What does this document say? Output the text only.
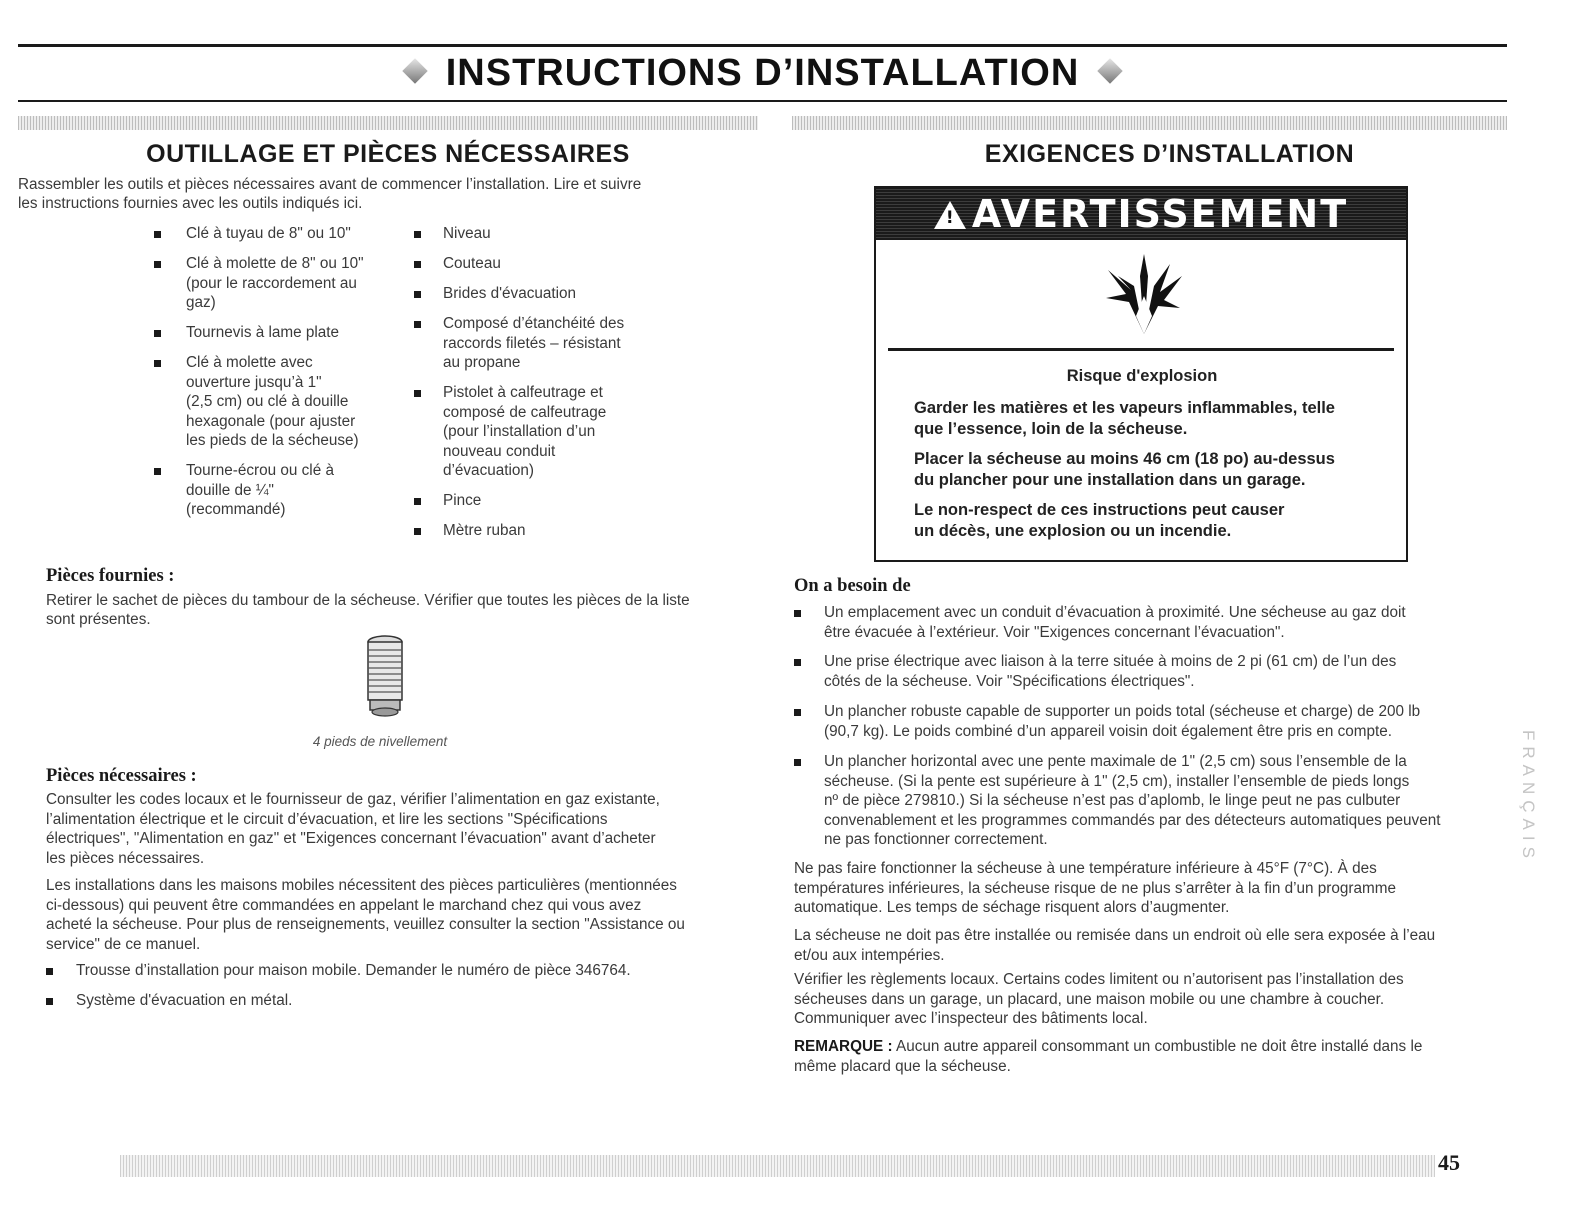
INSTRUCTIONS D’INSTALLATION
OUTILLAGE ET PIÈCES NÉCESSAIRES

Rassembler les outils et pièces nécessaires avant de commencer l’installation. Lire et suivre

les instructions fournies avec les outils indiqués ici.

Clé à tuyau de 8" ou 10"

Clé à molette de 8" ou 10"

(pour le raccordement au

gaz)

Tournevis à lame plate

Clé à molette avec

ouverture jusqu’à 1"

(2,5 cm) ou clé à douille

hexagonale (pour ajuster

les pieds de la sécheuse)

Tourne-écrou ou clé à

douille de ¼"

(recommandé)

Niveau

Couteau

Brides d'évacuation

Composé d’étanchéité des

raccords filetés – résistant

au propane

Pistolet à calfeutrage et

composé de calfeutrage

(pour l’installation d’un

nouveau conduit

d’évacuation)

Pince

Mètre ruban

Pièces fournies :

Retirer le sachet de pièces du tambour de la sécheuse. Vérifier que toutes les pièces de la liste

sont présentes.

4 pieds de nivellement

Pièces nécessaires :

Consulter les codes locaux et le fournisseur de gaz, vérifier l’alimentation en gaz existante,

l’alimentation électrique et le circuit d’évacuation, et lire les sections "Spécifications

électriques", "Alimentation en gaz" et "Exigences concernant l’évacuation" avant d’acheter

les pièces nécessaires.

Les installations dans les maisons mobiles nécessitent des pièces particulières (mentionnées

ci-dessous) qui peuvent être commandées en appelant le marchand chez qui vous avez

acheté la sécheuse. Pour plus de renseignements, veuillez consulter la section "Assistance ou

service" de ce manuel.

Trousse d’installation pour maison mobile. Demander le numéro de pièce 346764.

Système d'évacuation en métal.

EXIGENCES D’INSTALLATION
!AVERTISSEMENT

Risque d'explosion

Garder les matières et les vapeurs inflammables, telle

que l’essence, loin de la sécheuse.

Placer la sécheuse au moins 46 cm (18 po) au-dessus

du plancher pour une installation dans un garage.

Le non-respect de ces instructions peut causer

un décès, une explosion ou un incendie.

On a besoin de

Un emplacement avec un conduit d’évacuation à proximité. Une sécheuse au gaz doit

être évacuée à l’extérieur. Voir "Exigences concernant l’évacuation".

Une prise électrique avec liaison à la terre située à moins de 2 pi (61 cm) de l’un des

côtés de la sécheuse. Voir "Spécifications électriques".

Un plancher robuste capable de supporter un poids total (sécheuse et charge) de 200 lb

(90,7 kg). Le poids combiné d’un appareil voisin doit également être pris en compte.

Un plancher horizontal avec une pente maximale de 1" (2,5 cm) sous l’ensemble de la

sécheuse. (Si la pente est supérieure à 1" (2,5 cm), installer l’ensemble de pieds longs

nº de pièce 279810.) Si la sécheuse n’est pas d’aplomb, le linge peut ne pas culbuter

convenablement et les programmes commandés par des détecteurs automatiques peuvent

ne pas fonctionner correctement.

Ne pas faire fonctionner la sécheuse à une température inférieure à 45°F (7°C). À des

températures inférieures, la sécheuse risque de ne plus s’arrêter à la fin d’un programme

automatique. Les temps de séchage risquent alors d’augmenter.

La sécheuse ne doit pas être installée ou remisée dans un endroit où elle sera exposée à l’eau

et/ou aux intempéries.

Vérifier les règlements locaux. Certains codes limitent ou n’autorisent pas l’installation des

sécheuses dans un garage, un placard, une maison mobile ou une chambre à coucher.

Communiquer avec l’inspecteur des bâtiments local.

REMARQUE : Aucun autre appareil consommant un combustible ne doit être installé dans le

même placard que la sécheuse.

FRANÇAIS
45
